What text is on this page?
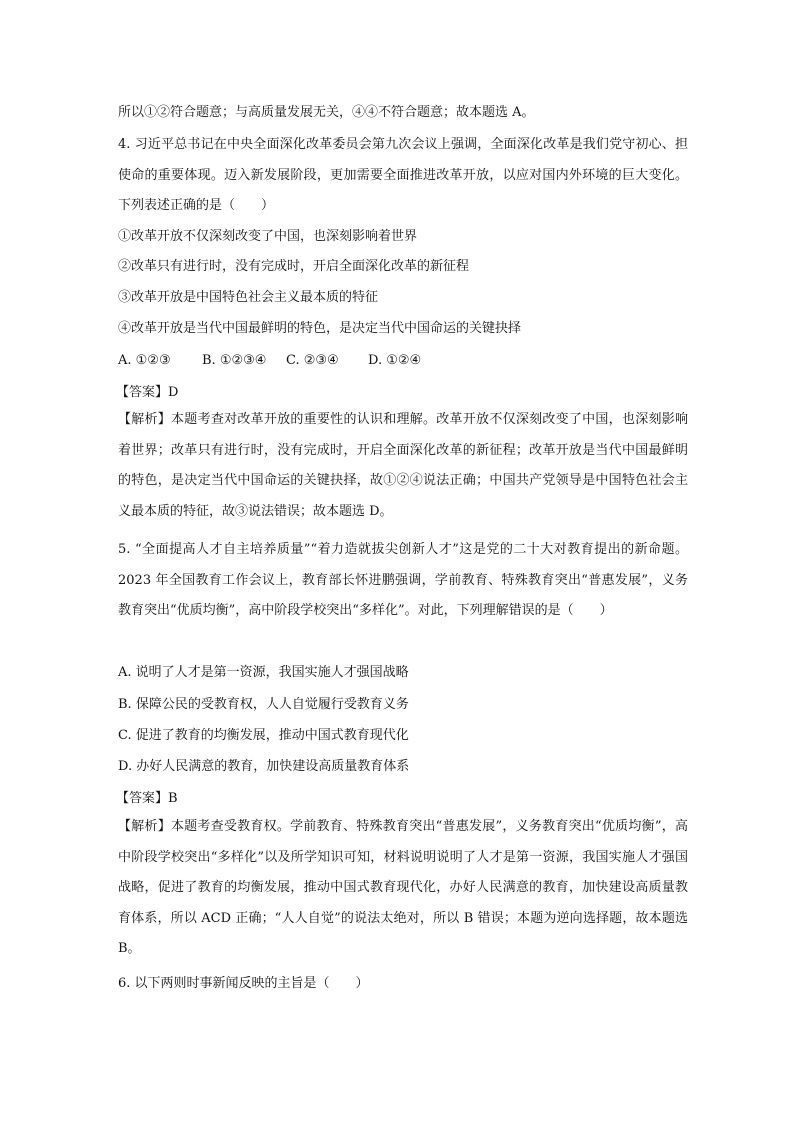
所以①②符合题意；与高质量发展无关，④④不符合题意；故本题选 A。
4. 习近平总书记在中央全面深化改革委员会第九次会议上强调，全面深化改革是我们党守初心、担使命的重要体现。迈入新发展阶段，更加需要全面推进改革开放，以应对国内外环境的巨大变化。下列表述正确的是（　　）
①改革开放不仅深刻改变了中国，也深刻影响着世界
②改革只有进行时，没有完成时，开启全面深化改革的新征程
③改革开放是中国特色社会主义最本质的特征
④改革开放是当代中国最鲜明的特色，是决定当代中国命运的关键抉择
A. ①②③ B. ①②③④ C. ②③④ D. ①②④
【答案】D
【解析】本题考查对改革开放的重要性的认识和理解。改革开放不仅深刻改变了中国，也深刻影响着世界；改革只有进行时，没有完成时，开启全面深化改革的新征程；改革开放是当代中国最鲜明的特色，是决定当代中国命运的关键抉择，故①②④说法正确；中国共产党领导是中国特色社会主义最本质的特征，故③说法错误；故本题选 D。
5. “全面提高人才自主培养质量”“着力造就拔尖创新人才”这是党的二十大对教育提出的新命题。2023 年全国教育工作会议上，教育部长怀进鹏强调，学前教育、特殊教育突出“普惠发展”，义务教育突出“优质均衡”，高中阶段学校突出“多样化”。对此，下列理解错误的是（　　）
A. 说明了人才是第一资源，我国实施人才强国战略
B. 保障公民的受教育权，人人自觉履行受教育义务
C. 促进了教育的均衡发展，推动中国式教育现代化
D. 办好人民满意的教育，加快建设高质量教育体系
【答案】B
【解析】本题考查受教育权。学前教育、特殊教育突出“普惠发展”，义务教育突出“优质均衡”，高中阶段学校突出“多样化”以及所学知识可知，材料说明说明了人才是第一资源，我国实施人才强国战略，促进了教育的均衡发展，推动中国式教育现代化，办好人民满意的教育，加快建设高质量教育体系，所以 ACD 正确；“人人自觉”的说法太绝对，所以 B 错误；本题为逆向选择题，故本题选 B。
6. 以下两则时事新闻反映的主旨是（　　）
